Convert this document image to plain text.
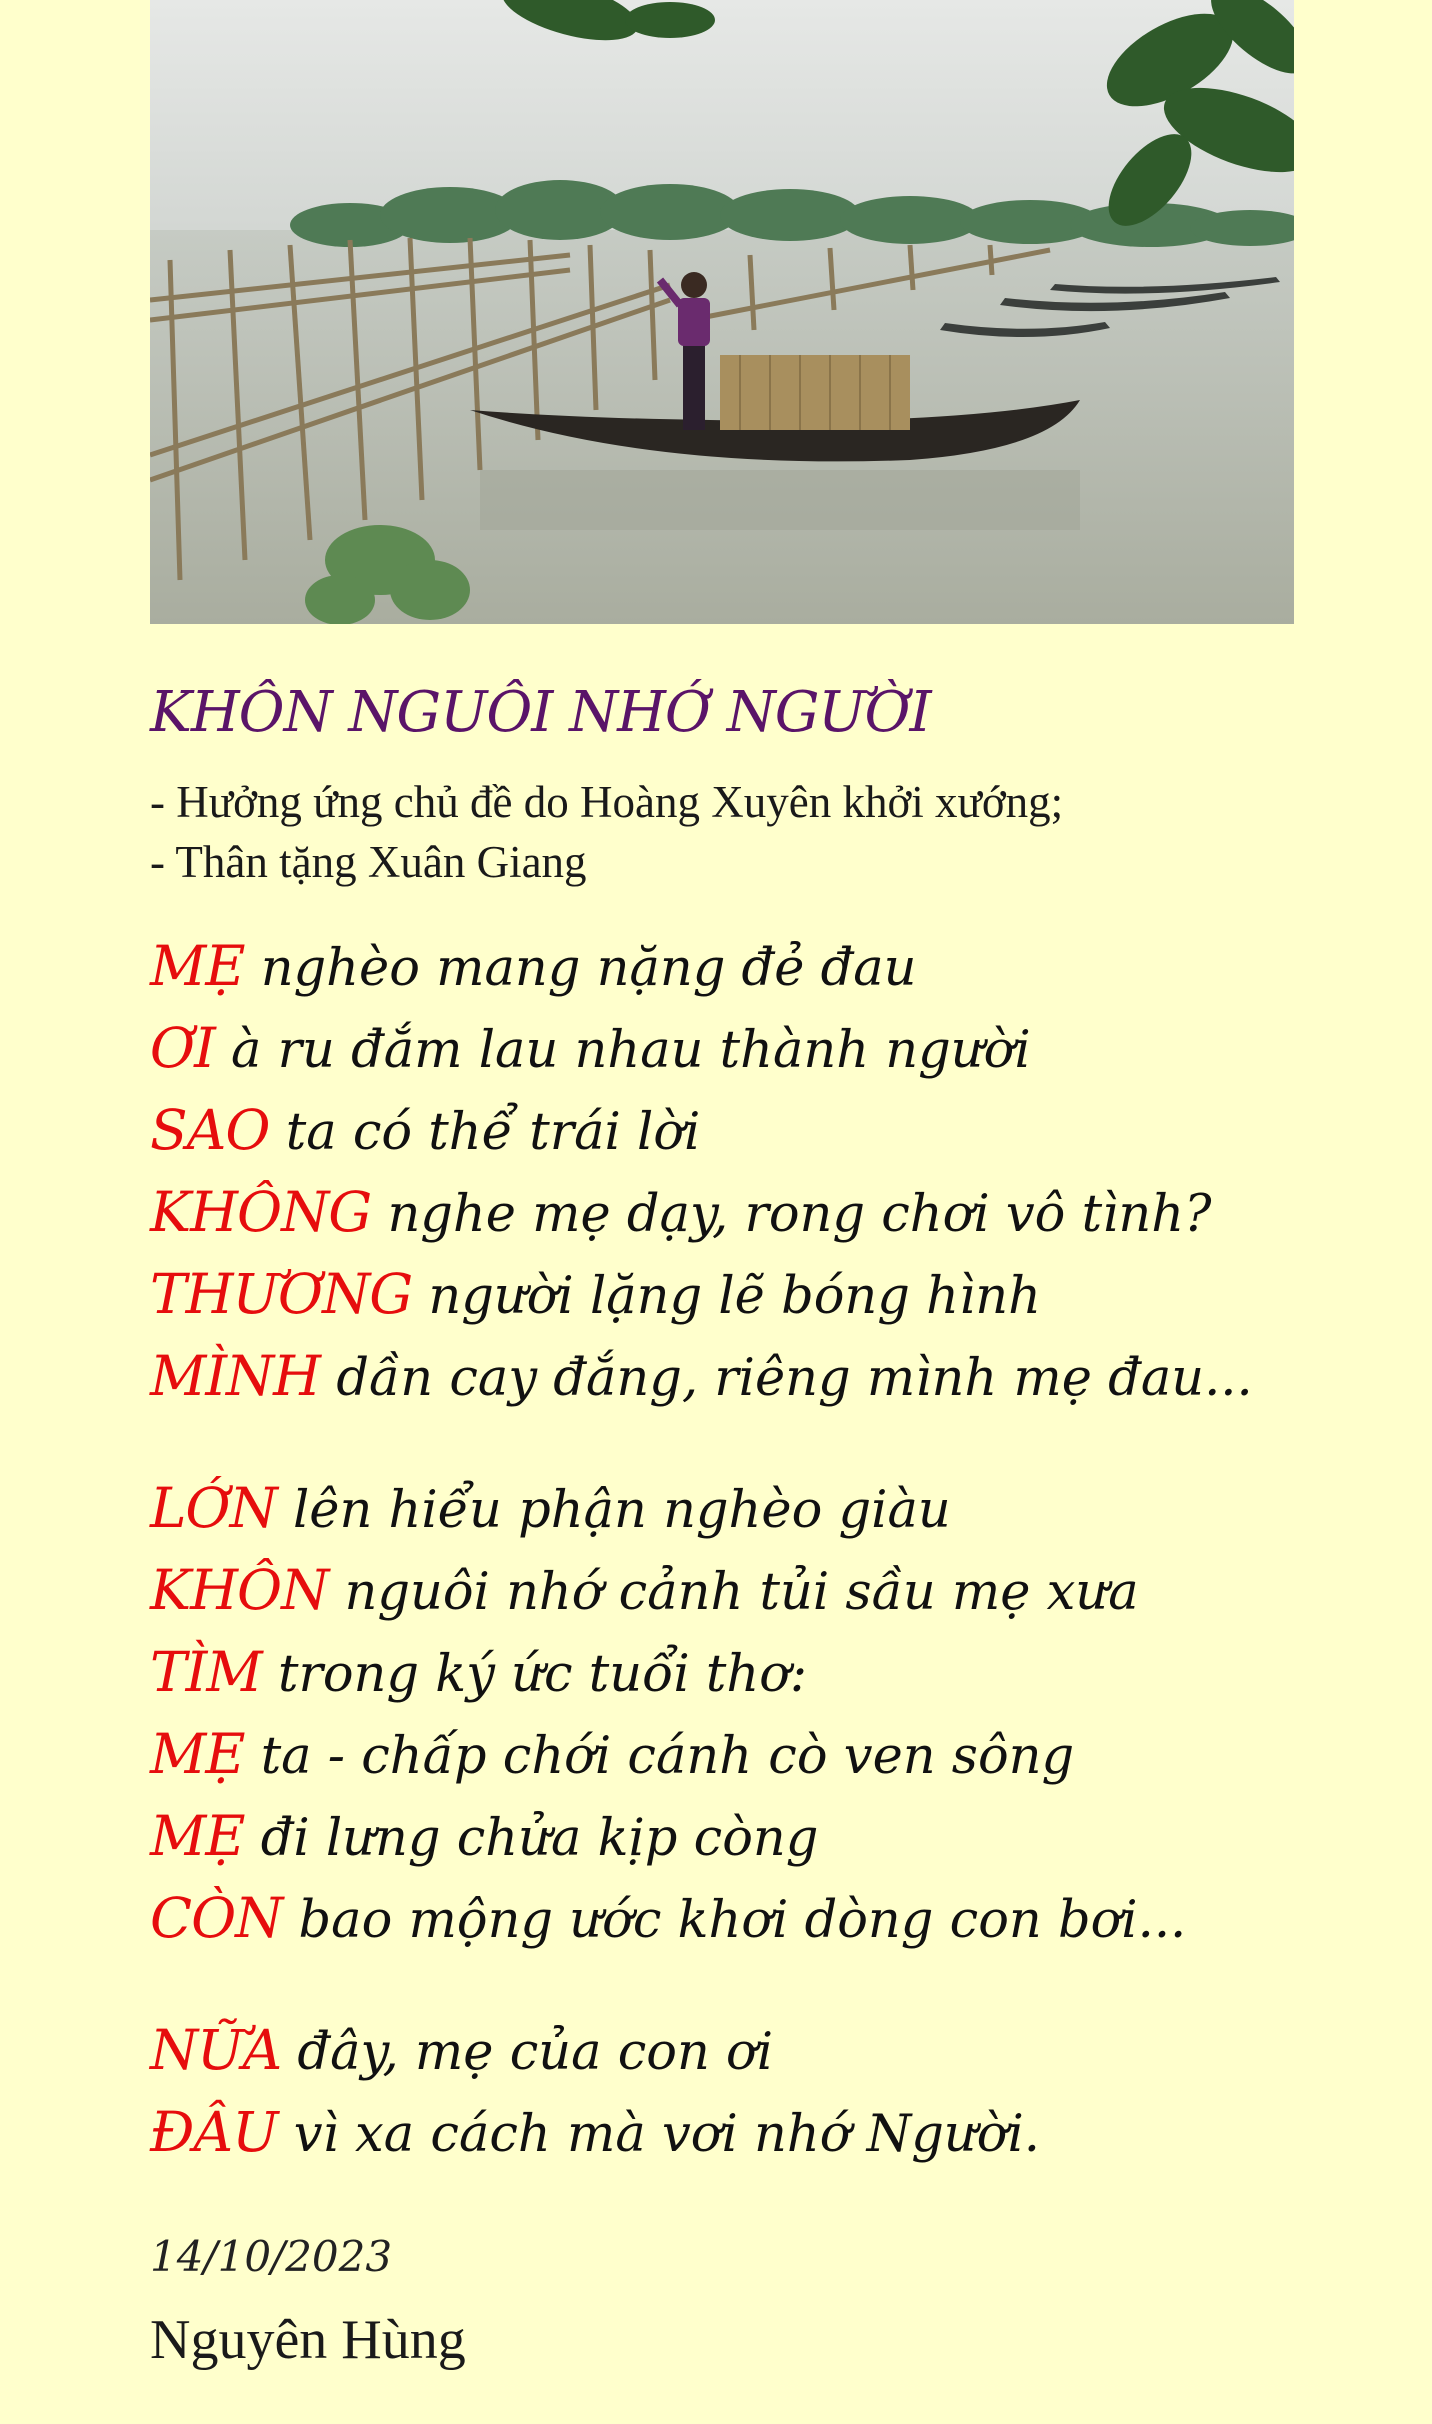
KHÔN NGUÔI NHỚ NGƯỜI
- Hưởng ứng chủ đề do Hoàng Xuyên khởi xướng;
- Thân tặng Xuân Giang
MẸ nghèo mang nặng đẻ đau
ƠI à ru đắm lau nhau thành người
SAO ta có thể trái lời
KHÔNG nghe mẹ dạy, rong chơi vô tình?
THƯƠNG người lặng lẽ bóng hình
MÌNH dần cay đắng, riêng mình mẹ đau...
LỚN lên hiểu phận nghèo giàu
KHÔN nguôi nhớ cảnh tủi sầu mẹ xưa
TÌM trong ký ức tuổi thơ:
MẸ ta - chấp chới cánh cò ven sông
MẸ đi lưng chửa kịp còng
CÒN bao mộng ước khơi dòng con bơi...
NỮA đây, mẹ của con ơi
ĐÂU vì xa cách mà vơi nhớ Người.
14/10/2023
Nguyên Hùng
